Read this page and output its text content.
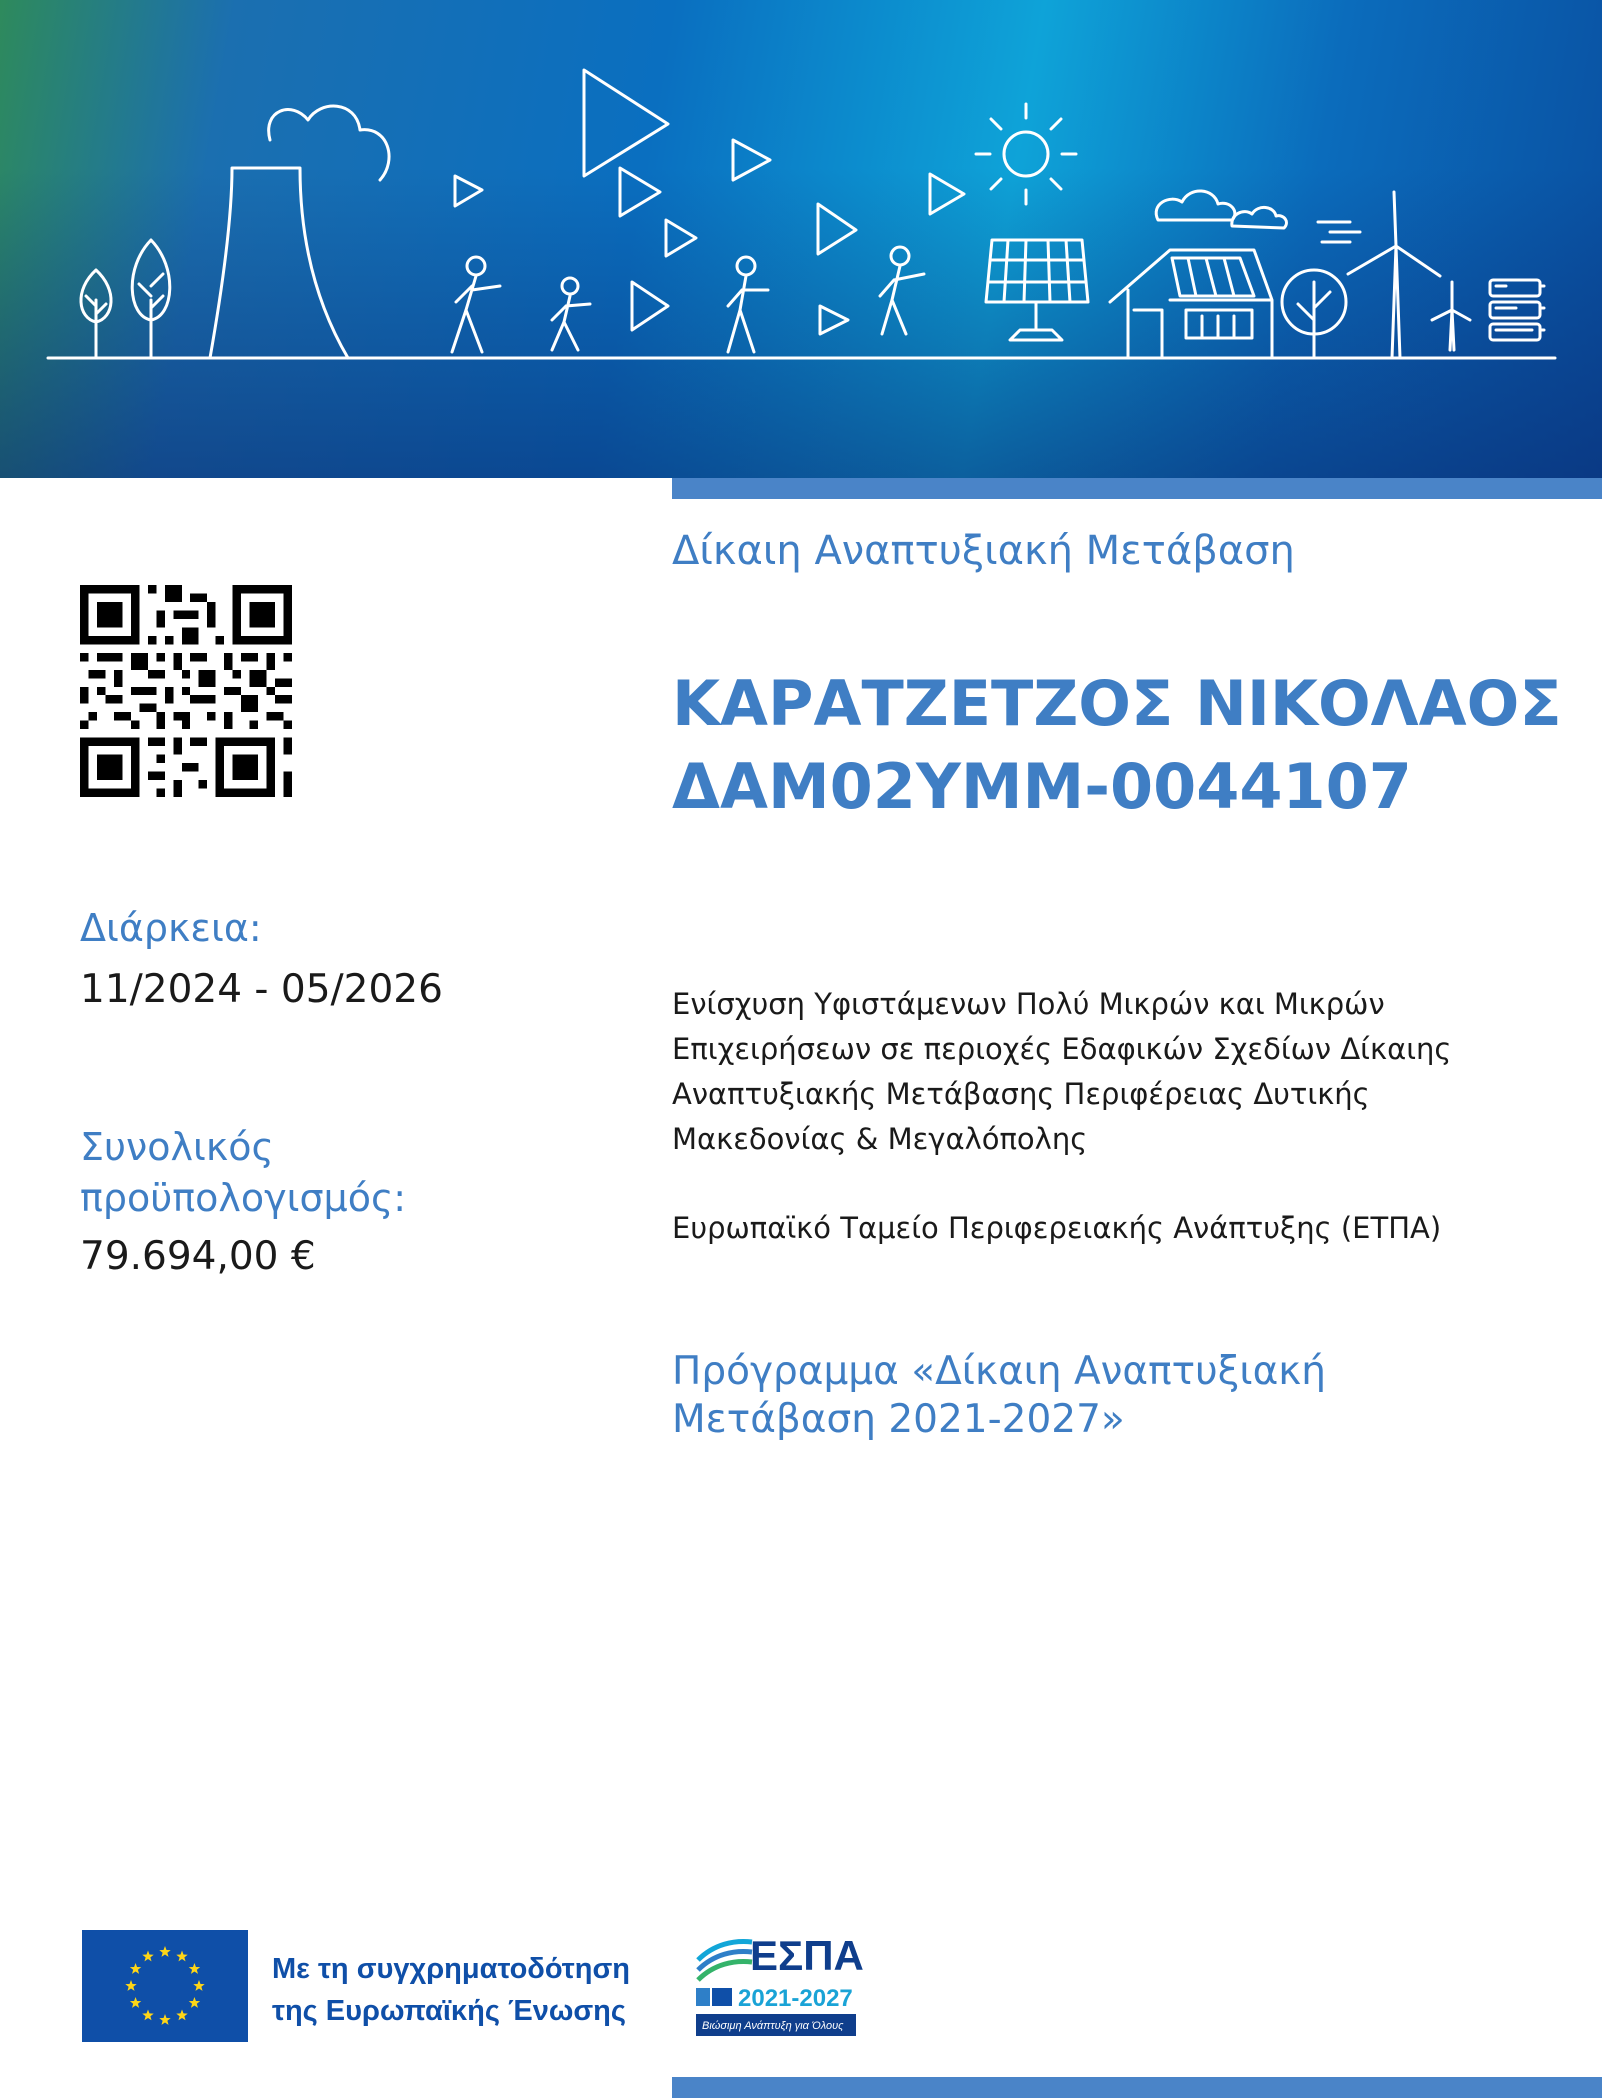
Διάρκεια:

11/2024 - 05/2026

Συνολικός προϋπολογισμός:

79.694,00 €

Δίκαιη Αναπτυξιακή Μετάβαση

ΚΑΡΑΤΖΕΤΖΟΣ ΝΙΚΟΛΑΟΣ ΔΑΜ02ΥΜΜ-0044107

Ενίσχυση Υφιστάμενων Πολύ Μικρών και Μικρών Επιχειρήσεων σε περιοχές Εδαφικών Σχεδίων Δίκαιης Αναπτυξιακής Μετάβασης Περιφέρειας Δυτικής Μακεδονίας & Μεγαλόπολης

Ευρωπαϊκό Ταμείο Περιφερειακής Ανάπτυξης (ΕΤΠΑ)

Πρόγραμμα «Δίκαιη Αναπτυξιακή Μετάβαση 2021-2027»

Με τη συγχρηματοδότηση της Ευρωπαϊκής Ένωσης

ΕΣΠΑ
2021-2027
Βιώσιμη Ανάπτυξη για Όλους
